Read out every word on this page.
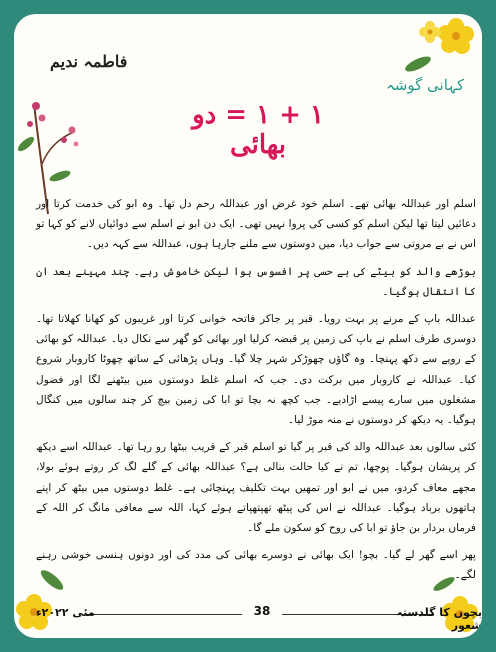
کہانی گوشہ
فاطمہ ندیم
۱ + ۱ = دو بھائی

اسلم اور عبداللہ بھائی تھے۔ اسلم خود غرض اور عبداللہ رحم دل تھا۔ وہ ابو کی خدمت کرتا اور دعائیں لیتا تھا لیکن اسلم کو کسی کی پروا نہیں تھی۔ ایک دن ابو نے اسلم سے دوائیاں لانے کو کہا تو اس نے بے مروتی سے جواب دیا، میں دوستوں سے ملنے جارہا ہوں، عبداللہ سے کہہ دیں۔

بوڑھے والد کو بیٹے کی بے حسی پر افسوس ہوا لیکن خاموش رہے۔ چند مہینے بعد ان کا انتقال ہوگیا۔

عبداللہ باپ کے مرنے پر بہت رویا۔ قبر پر جاکر فاتحہ خوانی کرتا اور غریبوں کو کھانا کھلاتا تھا۔ دوسری طرف اسلم نے باپ کی زمین پر قبضہ کرلیا اور بھائی کو گھر سے نکال دیا۔ عبداللہ کو بھائی کے رویے سے دکھ پہنچا۔ وہ گاؤں چھوڑکر شہر چلا گیا۔ وہاں پڑھائی کے ساتھ چھوٹا کاروبار شروع کیا۔ عبداللہ نے کاروبار میں برکت دی۔ جب کہ اسلم غلط دوستوں میں بیٹھنے لگا اور فضول مشغلوں میں سارے پیسے اڑادیے۔ جب کچھ نہ بچا تو ابا کی زمین بیچ کر چند سالوں میں کنگال ہوگیا۔ یہ دیکھ کر دوستوں نے منہ موڑ لیا۔

کئی سالوں بعد عبداللہ والد کی قبر پر گیا تو اسلم قبر کے قریب بیٹھا رو رہا تھا۔ عبداللہ اسے دیکھ کر پریشان ہوگیا۔ پوچھا، تم نے کیا حالت بنالی ہے؟ عبداللہ بھائی کے گلے لگ کر روتے ہوئے بولا، مجھے معاف کردو، میں نے ابو اور تمھیں بہت تکلیف پہنچائی ہے۔ غلط دوستوں میں بیٹھ کر اپنے ہاتھوں برباد ہوگیا۔ عبداللہ نے اس کی پیٹھ تھپتھپاتے ہوئے کہا، اللہ سے معافی مانگ کر اللہ کے فرماں بردار بن جاؤ تو ابا کی روح کو سکون ملے گا۔

پھر اسے گھر لے گیا۔ بچو! ایک بھائی نے دوسرے بھائی کی مدد کی اور دونوں ہنسی خوشی رہنے لگے۔

38
مئی ۲۰۲۲ء	بچوں کا گلدستہ شعور
